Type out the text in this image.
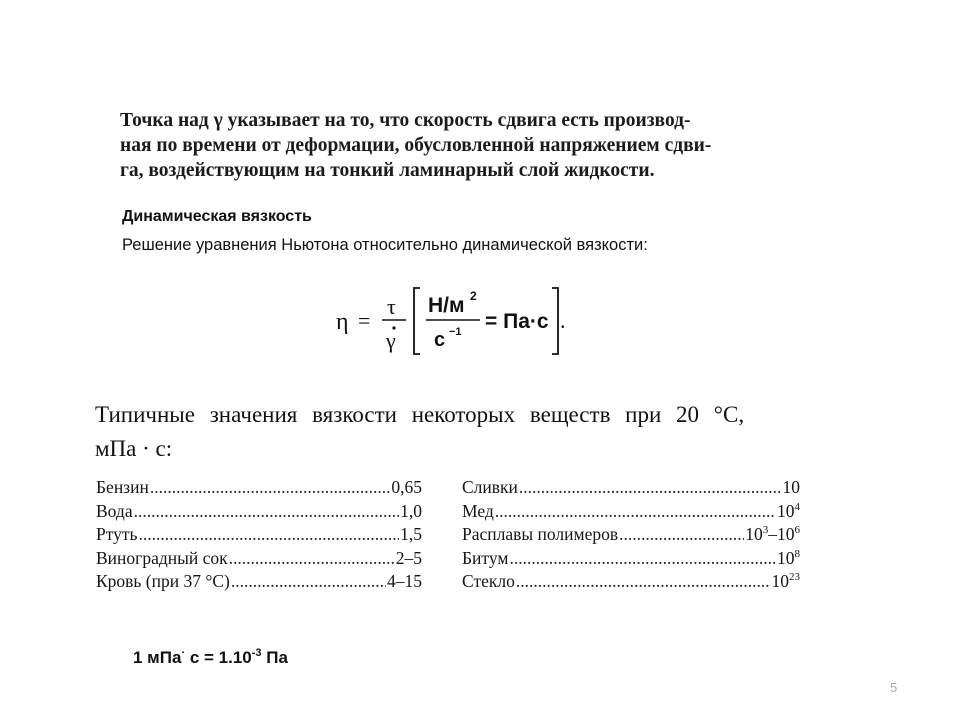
Точка над γ указывает на то, что скорость сдвига есть производ-
ная по времени от деформации, обусловленной напряжением сдви-
га, воздействующим на тонкий ламинарный слой жидкости.
Динамическая вязкость
Решение уравнения Ньютона относительно динамической вязкости:
η =
τ
γ
Н/м 2
с −1 = Па·с .
Типичные значения вязкости некоторых веществ при 20 °С,
мПа · с:
Бензин .....	0,65
Вода .....	1,0
Ртуть .....	1,5
Виноградный сок .....	2–5
Кровь (при 37 °С) .....	4–15
Сливки .....	10
Мед .....	$10^4$
Расплавы полимеров .....	$10^3-10^6$
Битум .....	$10^8$
Стекло .....	$10^{23}$
1 мПа· $с = 1.10^{-3}$ Па
5
